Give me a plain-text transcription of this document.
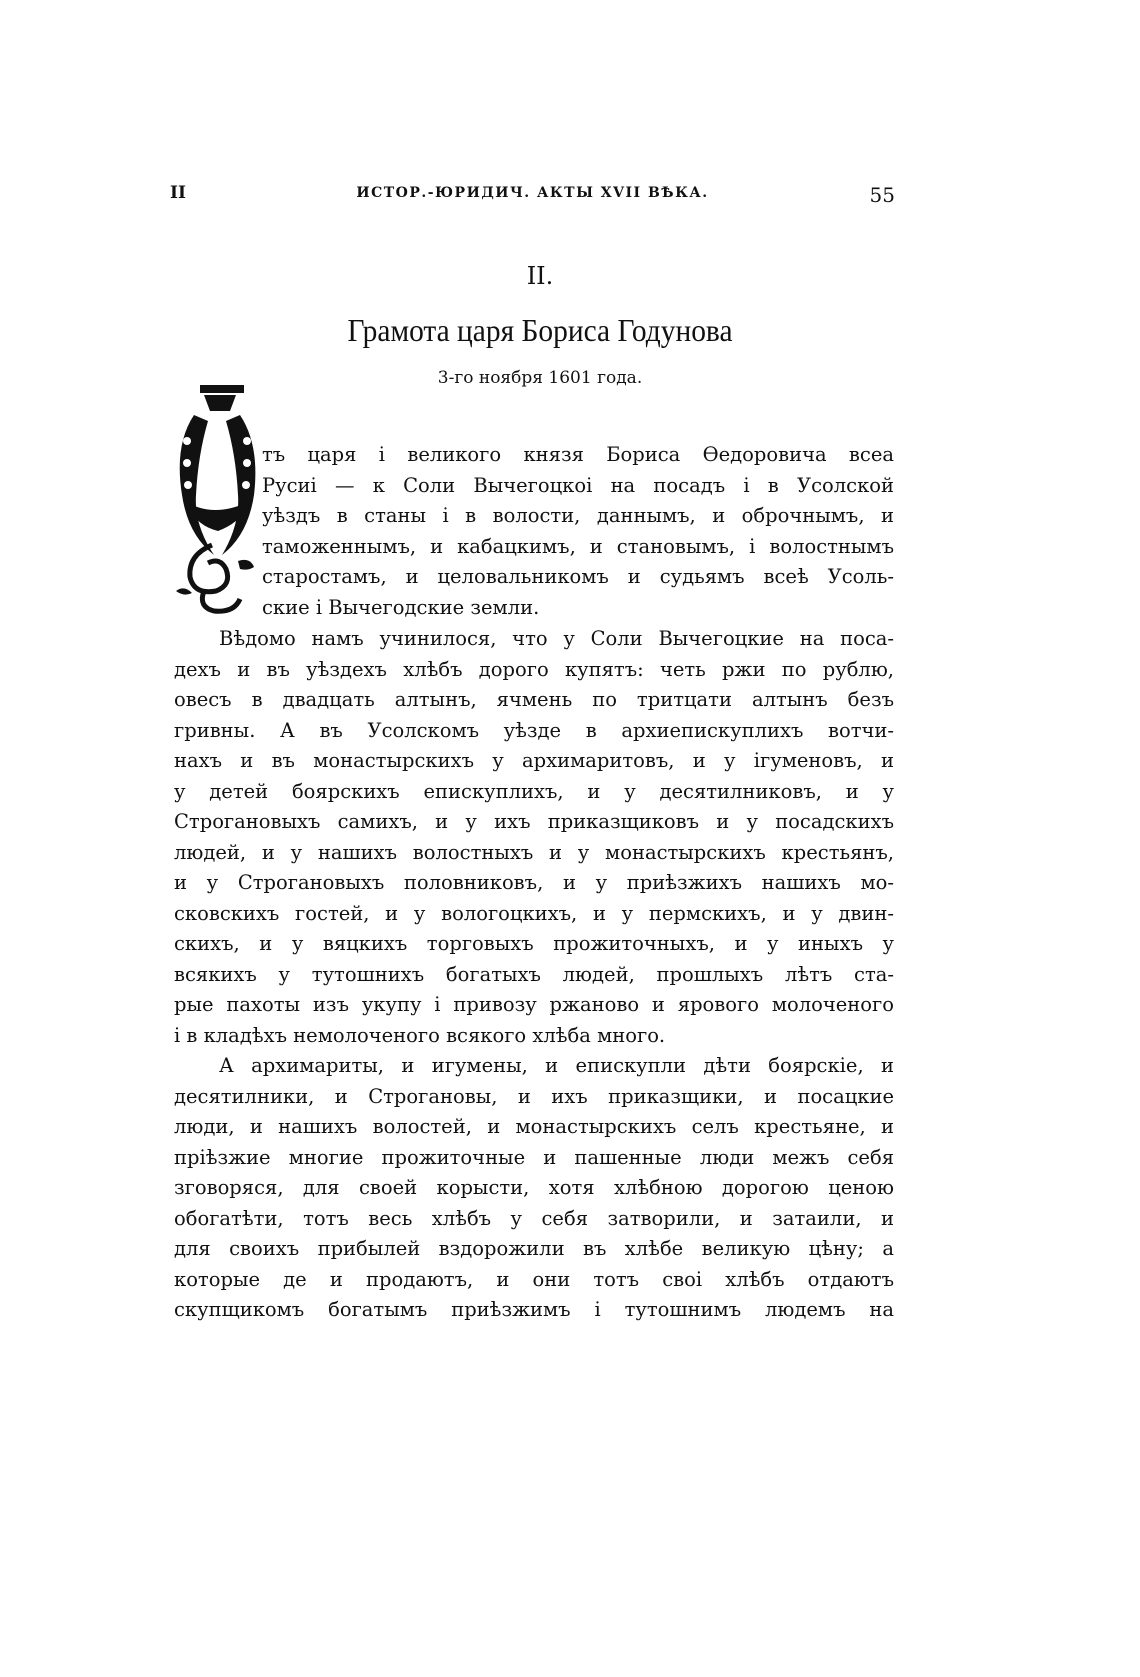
II	ИСТОР.-ЮРИДИЧ. АКТЫ XVII ВѢКА.	55
II.
Грамота царя Бориса Годунова
3-го ноября 1601 года.
тъ царя і великого князя Бориса Ѳедоровича всеа
Русиі — к Соли Вычегоцкоі на посадъ і в Усолской
уѣздъ в станы і в волости, даннымъ, и оброчнымъ, и
таможеннымъ, и кабацкимъ, и становымъ, і волостнымъ
старостамъ, и целовальникомъ и судьямъ всеѣ Усоль-
скиe і Вычегодские земли.
Вѣдомо намъ учинилося, что у Соли Вычегоцкие на посa-
дехъ и въ уѣздехъ хлѣбъ дорого купятъ: четь ржи по рублю,
овесъ в двадцать алтынъ, ячмень по тритцати алтынъ безъ
гривны. А въ Усолскомъ уѣзде в архиепискуплихъ вотчи-
нахъ и въ монастырскихъ у архимаритовъ, и у ігуменовъ, и
у детей боярскихъ епискуплихъ, и у десятилниковъ, и у
Строгановыхъ самихъ, и у ихъ приказщиковъ и у посадскихъ
людей, и у нашихъ волостныхъ и у монастырскихъ крестьянъ,
и у Строгановыхъ половниковъ, и у приѣзжихъ нашихъ мо-
сковскихъ гостей, и у вологоцкихъ, и у пермскихъ, и у двин-
скихъ, и у вяцкихъ торговыхъ прожиточныхъ, и у иныхъ у
всякихъ у тутошнихъ богатыхъ людей, прошлыхъ лѣтъ ста-
рые пахоты изъ укупу і привозу ржаново и ярового молоченого
і в кладѣхъ немолоченого всякого хлѣба много.
А архимариты, и игумены, и епискупли дѣти боярскіе, и
десятилники, и Строгановы, и ихъ приказщики, и посацкие
люди, и нашихъ волостей, и монастырскихъ селъ крестьяне, и
пріѣзжие многие прожиточные и пашенные люди межъ себя
зговоряся, для своей корысти, хотя хлѣбною дорогою ценою
обогатѣти, тотъ весь хлѣбъ у себя затворили, и затаили, и
для своихъ прибылей вздорожили въ хлѣбе великую цѣну; а
которые де и продаютъ, и они тотъ своі хлѣбъ отдаютъ
скупщикомъ богатымъ приѣзжимъ і тутошнимъ людемъ на
